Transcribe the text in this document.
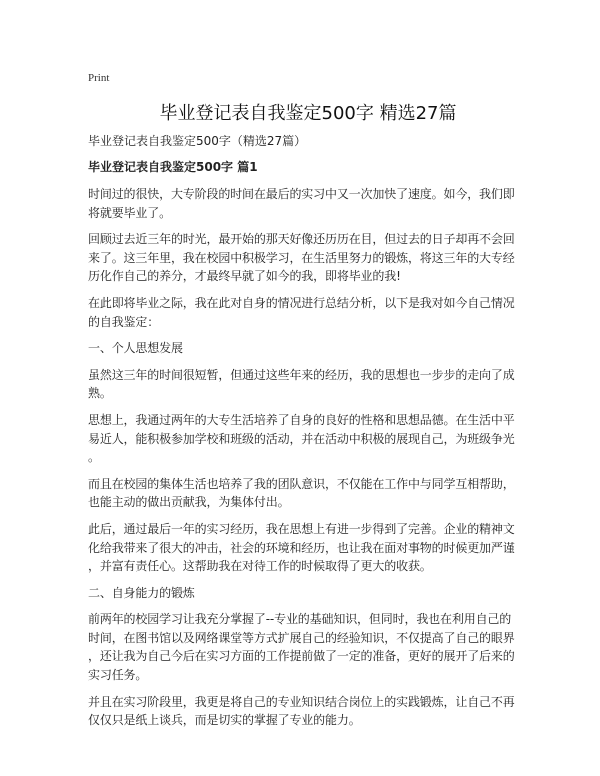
Print
毕业登记表自我鉴定500字 精选27篇
毕业登记表自我鉴定500字（精选27篇）
毕业登记表自我鉴定500字 篇1
时间过的很快，大专阶段的时间在最后的实习中又一次加快了速度。如今，我们即
将就要毕业了。
回顾过去近三年的时光，最开始的那天好像还历历在目，但过去的日子却再不会回
来了。这三年里，我在校园中积极学习，在生活里努力的锻炼，将这三年的大专经
历化作自己的养分，才最终早就了如今的我，即将毕业的我!
在此即将毕业之际，我在此对自身的情况进行总结分析，以下是我对如今自己情况
的自我鉴定：
一、个人思想发展
虽然这三年的时间很短暂，但通过这些年来的经历，我的思想也一步步的走向了成
熟。
思想上，我通过两年的大专生活培养了自身的良好的性格和思想品德。在生活中平
易近人，能积极参加学校和班级的活动，并在活动中积极的展现自己，为班级争光
。
而且在校园的集体生活也培养了我的团队意识，不仅能在工作中与同学互相帮助，
也能主动的做出贡献我，为集体付出。
此后，通过最后一年的实习经历，我在思想上有进一步得到了完善。企业的精神文
化给我带来了很大的冲击，社会的环境和经历，也让我在面对事物的时候更加严谨
，并富有责任心。这帮助我在对待工作的时候取得了更大的收获。
二、自身能力的锻炼
前两年的校园学习让我充分掌握了--专业的基础知识，但同时，我也在利用自己的
时间，在图书馆以及网络课堂等方式扩展自己的经验知识，不仅提高了自己的眼界
，还让我为自己今后在实习方面的工作提前做了一定的准备，更好的展开了后来的
实习任务。
并且在实习阶段里，我更是将自己的专业知识结合岗位上的实践锻炼，让自己不再
仅仅只是纸上谈兵，而是切实的掌握了专业的能力。
